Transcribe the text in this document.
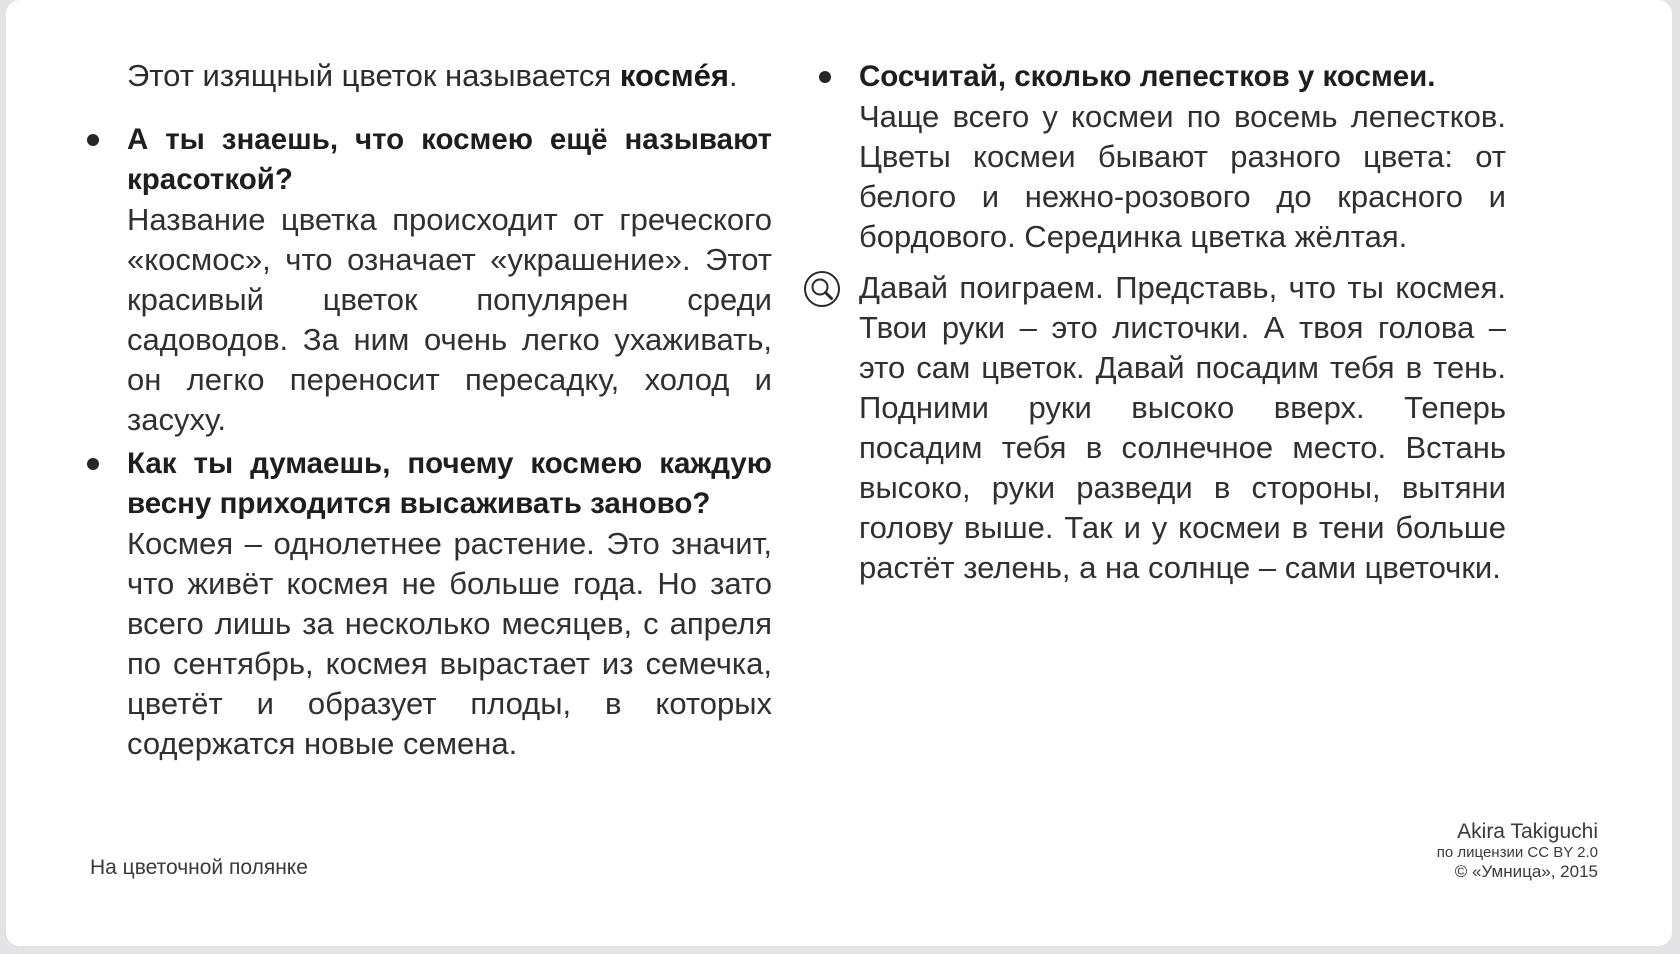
Этот изящный цветок называется космéя.
А ты знаешь, что космею ещё называют красоткой?
Название цветка происходит от греческого «космос», что означает «украшение». Этот красивый цветок популярен среди садоводов. За ним очень легко ухаживать, он легко переносит пересадку, холод и засуху.
Как ты думаешь, почему космею каждую весну приходится высаживать заново?
Космея – однолетнее растение. Это значит, что живёт космея не больше года. Но зато всего лишь за несколько месяцев, с апреля по сентябрь, космея вырастает из семечка, цветёт и образует плоды, в которых содержатся новые семена.
Сосчитай, сколько лепестков у космеи.
Чаще всего у космеи по восемь лепестков. Цветы космеи бывают разного цвета: от белого и нежно-розового до красного и бордового. Серединка цветка жёлтая.
Давай поиграем. Представь, что ты космея. Твои руки – это листочки. А твоя голова – это сам цветок. Давай посадим тебя в тень. Подними руки высоко вверх. Теперь посадим тебя в солнечное место. Встань высоко, руки разведи в стороны, вытяни голову выше. Так и у космеи в тени больше растёт зелень, а на солнце – сами цветочки.
На цветочной полянке
Akira Takiguchi
по лицензии CC BY 2.0
© «Умница», 2015
